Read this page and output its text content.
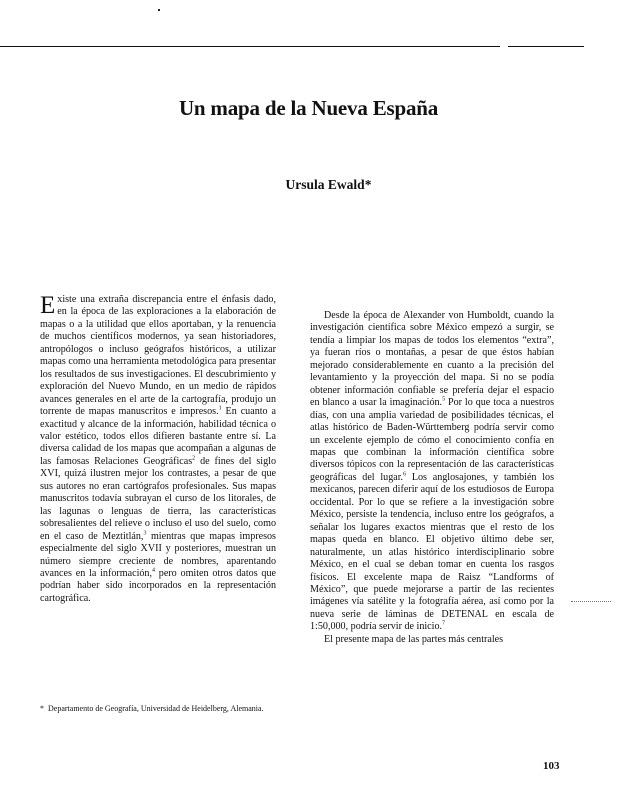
Un mapa de la Nueva España
Ursula Ewald*

Existe una extraña discrepancia entre el énfasis dado, en la época de las exploraciones a la elaboración de mapas o a la utilidad que ellos aportaban, y la renuencia de muchos científicos modernos, ya sean historiadores, antropólogos o incluso geógrafos históricos, a utilizar mapas como una herramienta metodológica para presentar los resultados de sus investigaciones. El descubrimiento y exploración del Nuevo Mundo, en un medio de rápidos avances generales en el arte de la cartografía, produjo un torrente de mapas manuscritos e impresos.$^1$ En cuanto a exactitud y alcance de la información, habilidad técnica o valor estético, todos ellos difieren bastante entre sí. La diversa calidad de los mapas que acompañan a algunas de las famosas Relaciones Geográficas$^2$ de fines del siglo XVI, quizá ilustren mejor los contrastes, a pesar de que sus autores no eran cartógrafos profesionales. Sus mapas manuscritos todavía subrayan el curso de los litorales, de las lagunas o lenguas de tierra, las características sobresalientes del relieve o incluso el uso del suelo, como en el caso de Meztitlán,$^3$ mientras que mapas impresos especialmente del siglo XVII y posteriores, muestran un número siempre creciente de nombres, aparentando avances en la información,$^4$ pero omiten otros datos que podrían haber sido incorporados en la representación cartográfica.

Desde la época de Alexander von Humboldt, cuando la investigación científica sobre México empezó a surgir, se tendía a limpiar los mapas de todos los elementos “extra”, ya fueran ríos o montañas, a pesar de que éstos habían mejorado considerablemente en cuanto a la precisión del levantamiento y la proyección del mapa. Si no se podía obtener información confiable se prefería dejar el espacio en blanco a usar la imaginación.$^5$ Por lo que toca a nuestros días, con una amplia variedad de posibilidades técnicas, el atlas histórico de Baden-Württemberg podría servir como un excelente ejemplo de cómo el conocimiento confía en mapas que combinan la información científica sobre diversos tópicos con la representación de las características geográficas del lugar.$^6$ Los anglosajones, y también los mexicanos, parecen diferir aquí de los estudiosos de Europa occidental. Por lo que se refiere a la investigación sobre México, persiste la tendencia, incluso entre los geógrafos, a señalar los lugares exactos mientras que el resto de los mapas queda en blanco. El objetivo último debe ser, naturalmente, un atlas histórico interdisciplinario sobre México, en el cual se deban tomar en cuenta los rasgos físicos. El excelente mapa de Raisz “Landforms of México”, que puede mejorarse a partir de las recientes imágenes vía satélite y la fotografía aérea, así como por la nueva serie de láminas de DETENAL en escala de 1:50,000, podría servir de inicio.$^7$

El presente mapa de las partes más centrales

* Departamento de Geografía, Universidad de Heidelberg, Alemania.
103
